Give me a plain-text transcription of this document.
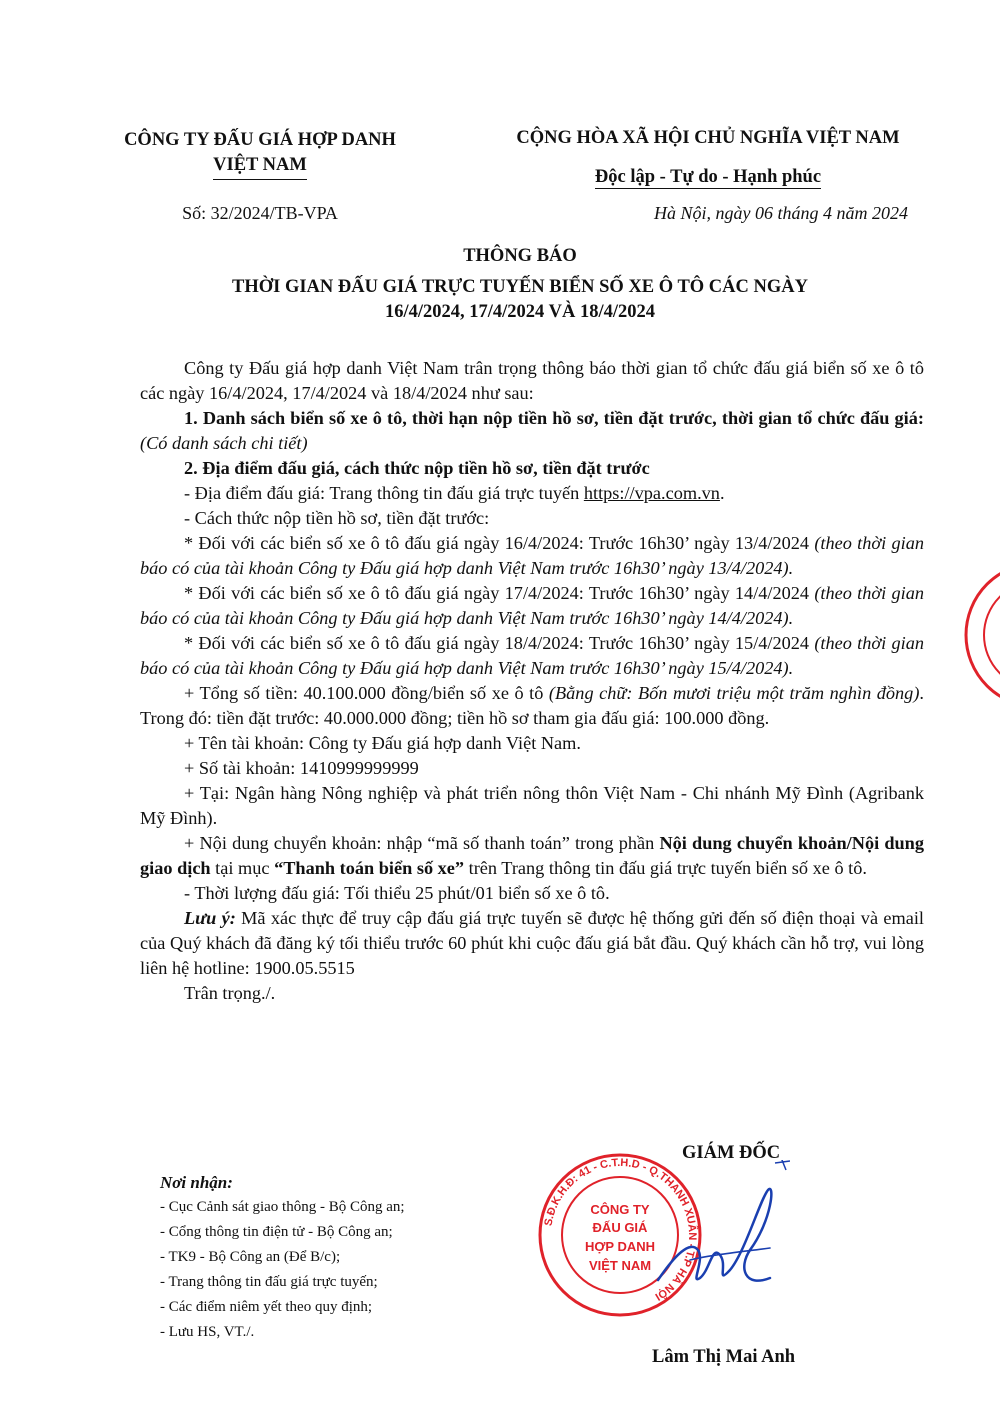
CÔNG TY ĐẤU GIÁ HỢP DANH
VIỆT NAM
CỘNG HÒA XÃ HỘI CHỦ NGHĨA VIỆT NAM
Độc lập - Tự do - Hạnh phúc
Số: 32/2024/TB-VPA	Hà Nội, ngày 06 tháng 4 năm 2024
THÔNG BÁO
THỜI GIAN ĐẤU GIÁ TRỰC TUYẾN BIỂN SỐ XE Ô TÔ CÁC NGÀY
16/4/2024, 17/4/2024 VÀ 18/4/2024

Công ty Đấu giá hợp danh Việt Nam trân trọng thông báo thời gian tổ chức đấu giá biển số xe ô tô các ngày 16/4/2024, 17/4/2024 và 18/4/2024 như sau:

1. Danh sách biển số xe ô tô, thời hạn nộp tiền hồ sơ, tiền đặt trước, thời gian tổ chức đấu giá: (Có danh sách chi tiết)

2. Địa điểm đấu giá, cách thức nộp tiền hồ sơ, tiền đặt trước

- Địa điểm đấu giá: Trang thông tin đấu giá trực tuyến https://vpa.com.vn.

- Cách thức nộp tiền hồ sơ, tiền đặt trước:

* Đối với các biển số xe ô tô đấu giá ngày 16/4/2024: Trước 16h30’ ngày 13/4/2024 (theo thời gian báo có của tài khoản Công ty Đấu giá hợp danh Việt Nam trước 16h30’ ngày 13/4/2024).

* Đối với các biển số xe ô tô đấu giá ngày 17/4/2024: Trước 16h30’ ngày 14/4/2024 (theo thời gian báo có của tài khoản Công ty Đấu giá hợp danh Việt Nam trước 16h30’ ngày 14/4/2024).

* Đối với các biển số xe ô tô đấu giá ngày 18/4/2024: Trước 16h30’ ngày 15/4/2024 (theo thời gian báo có của tài khoản Công ty Đấu giá hợp danh Việt Nam trước 16h30’ ngày 15/4/2024).

+ Tổng số tiền: 40.100.000 đồng/biển số xe ô tô (Bằng chữ: Bốn mươi triệu một trăm nghìn đồng). Trong đó: tiền đặt trước: 40.000.000 đồng; tiền hồ sơ tham gia đấu giá: 100.000 đồng.

+ Tên tài khoản: Công ty Đấu giá hợp danh Việt Nam.

+ Số tài khoản: 1410999999999

+ Tại: Ngân hàng Nông nghiệp và phát triển nông thôn Việt Nam - Chi nhánh Mỹ Đình (Agribank Mỹ Đình).

+ Nội dung chuyển khoản: nhập “mã số thanh toán” trong phần Nội dung chuyển khoản/Nội dung giao dịch tại mục “Thanh toán biển số xe” trên Trang thông tin đấu giá trực tuyến biển số xe ô tô.

- Thời lượng đấu giá: Tối thiểu 25 phút/01 biển số xe ô tô.

Lưu ý: Mã xác thực để truy cập đấu giá trực tuyến sẽ được hệ thống gửi đến số điện thoại và email của Quý khách đã đăng ký tối thiểu trước 60 phút khi cuộc đấu giá bắt đầu. Quý khách cần hỗ trợ, vui lòng liên hệ hotline: 1900.05.5515

Trân trọng./.

GIÁM ĐỐC
Nơi nhận:
- Cục Cảnh sát giao thông - Bộ Công an;
- Cổng thông tin điện tử - Bộ Công an;
- TK9 - Bộ Công an (Để B/c);
- Trang thông tin đấu giá trực tuyến;
- Các điểm niêm yết theo quy định;
- Lưu HS, VT./.
S.Đ.K.H.Đ: 41 - C.T.H.D - Q.THANH XUÂN - T.P HÀ NỘI
CÔNG TY
ĐẤU GIÁ
HỢP DANH
VIỆT NAM
Lâm Thị Mai Anh
